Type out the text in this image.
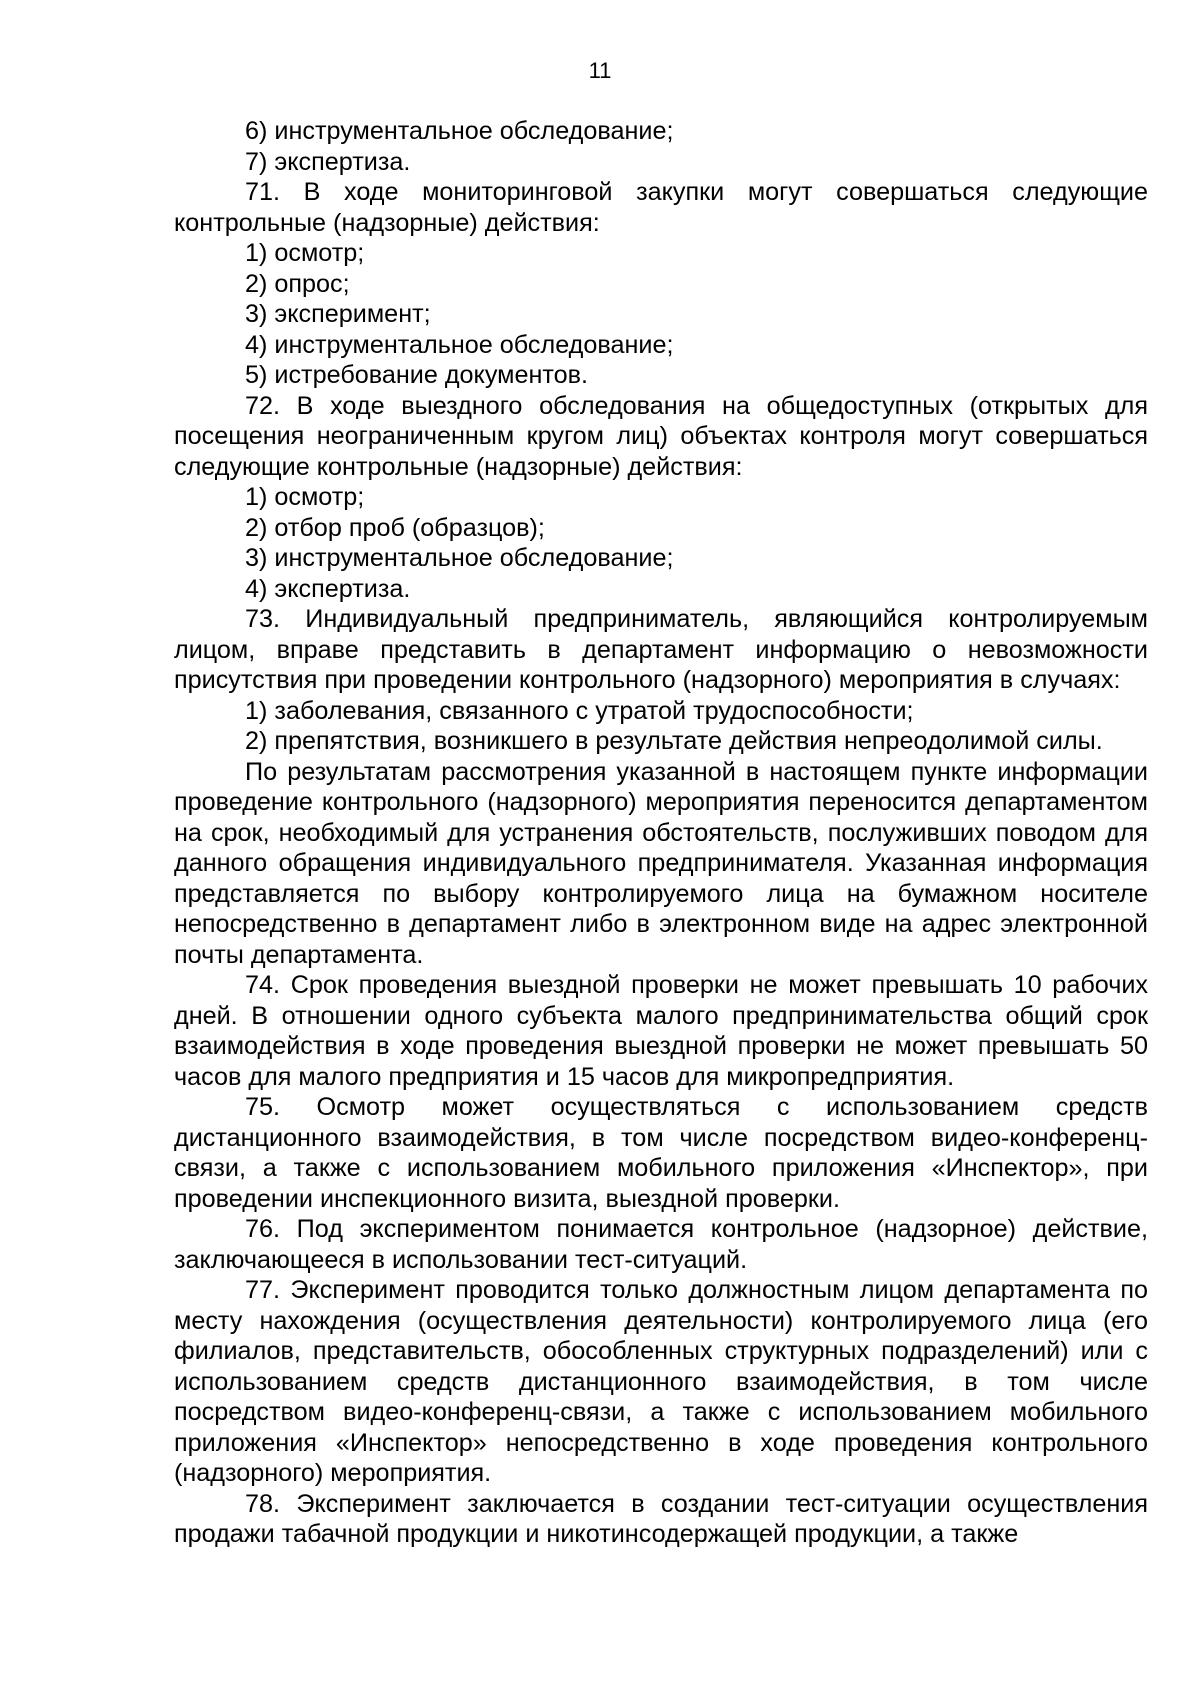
11

6) инструментальное обследование;

7) экспертиза.

71. В ходе мониторинговой закупки могут совершаться следующие контрольные (надзорные) действия:

1) осмотр;

2) опрос;

3) эксперимент;

4) инструментальное обследование;

5) истребование документов.

72. В ходе выездного обследования на общедоступных (открытых для посещения неограниченным кругом лиц) объектах контроля могут совершаться следующие контрольные (надзорные) действия:

1) осмотр;

2) отбор проб (образцов);

3) инструментальное обследование;

4) экспертиза.

73. Индивидуальный предприниматель, являющийся контролируемым лицом, вправе представить в департамент информацию о невозможности присутствия при проведении контрольного (надзорного) мероприятия в случаях:

1) заболевания, связанного с утратой трудоспособности;

2) препятствия, возникшего в результате действия непреодолимой силы.

По результатам рассмотрения указанной в настоящем пункте информации проведение контрольного (надзорного) мероприятия переносится департаментом на срок, необходимый для устранения обстоятельств, послуживших поводом для данного обращения индивидуального предпринимателя. Указанная информация представляется по выбору контролируемого лица на бумажном носителе непосредственно в департамент либо в электронном виде на адрес электронной почты департамента.

74. Срок проведения выездной проверки не может превышать 10 рабочих дней. В отношении одного субъекта малого предпринимательства общий срок взаимодействия в ходе проведения выездной проверки не может превышать 50 часов для малого предприятия и 15 часов для микропредприятия.

75. Осмотр может осуществляться с использованием средств дистанционного взаимодействия, в том числе посредством видео-конференц-связи, а также с использованием мобильного приложения «Инспектор», при проведении инспекционного визита, выездной проверки.

76. Под экспериментом понимается контрольное (надзорное) действие, заключающееся в использовании тест-ситуаций.

77. Эксперимент проводится только должностным лицом департамента по месту нахождения (осуществления деятельности) контролируемого лица (его филиалов, представительств, обособленных структурных подразделений) или с использованием средств дистанционного взаимодействия, в том числе посредством видео-конференц-связи, а также с использованием мобильного приложения «Инспектор» непосредственно в ходе проведения контрольного (надзорного) мероприятия.

78. Эксперимент заключается в создании тест-ситуации осуществления продажи табачной продукции и никотинсодержащей продукции, а также
